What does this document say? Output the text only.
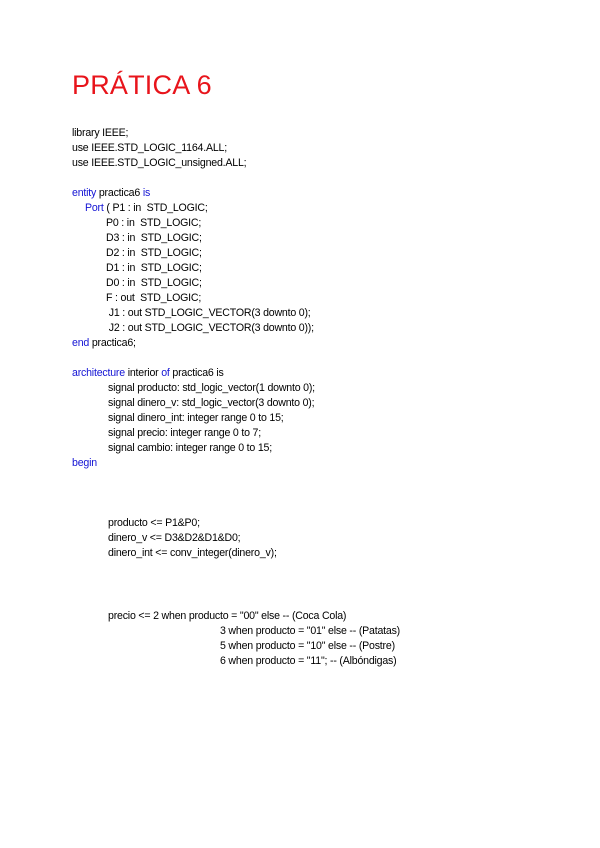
PRÁTICA 6
library IEEE;
use IEEE.STD_LOGIC_1164.ALL;
use IEEE.STD_LOGIC_unsigned.ALL;
entity practica6 is
Port ( P1 : in  STD_LOGIC;
P0 : in  STD_LOGIC;
D3 : in  STD_LOGIC;
D2 : in  STD_LOGIC;
D1 : in  STD_LOGIC;
D0 : in  STD_LOGIC;
F : out  STD_LOGIC;
J1 : out STD_LOGIC_VECTOR(3 downto 0);
J2 : out STD_LOGIC_VECTOR(3 downto 0));
end practica6;
architecture interior of practica6 is
signal producto: std_logic_vector(1 downto 0);
signal dinero_v: std_logic_vector(3 downto 0);
signal dinero_int: integer range 0 to 15;
signal precio: integer range 0 to 7;
signal cambio: integer range 0 to 15;
begin
producto <= P1&P0;
dinero_v <= D3&D2&D1&D0;
dinero_int <= conv_integer(dinero_v);
precio <= 2 when producto = "00" else -- (Coca Cola)
3 when producto = "01" else -- (Patatas)
5 when producto = "10" else -- (Postre)
6 when producto = "11"; -- (Albóndigas)
